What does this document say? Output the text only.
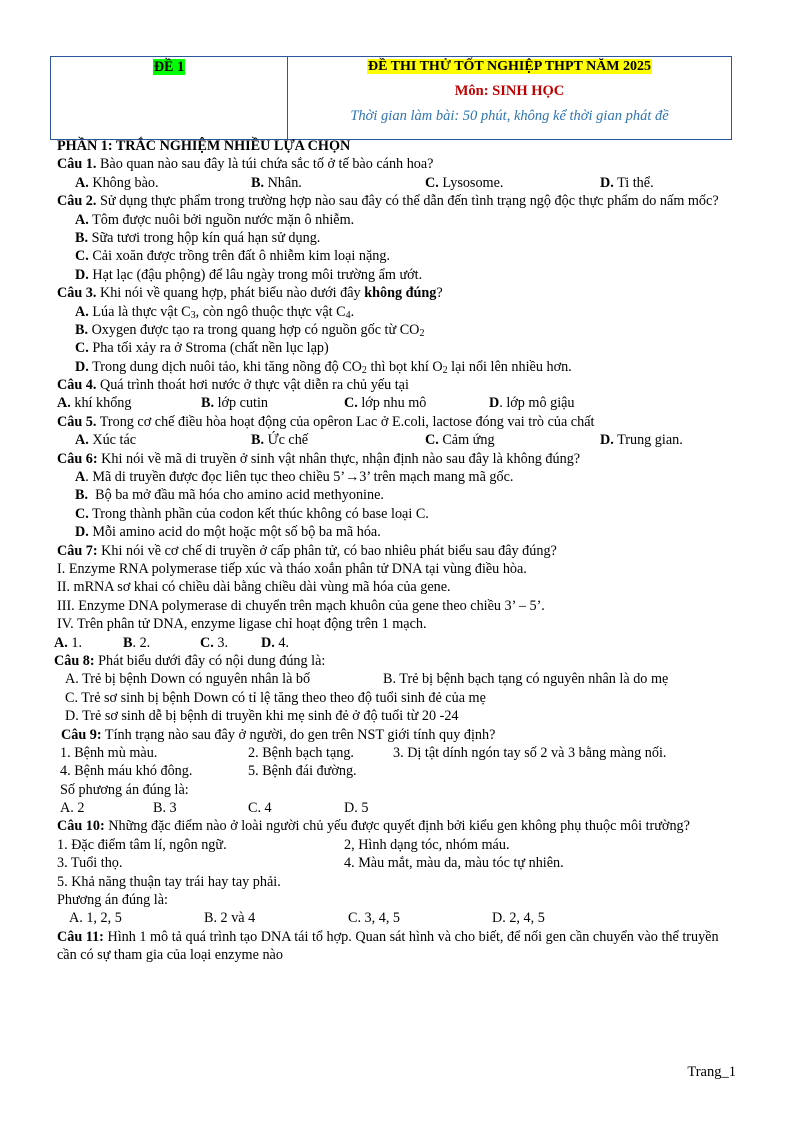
ĐỀ 1	ĐỀ THI THỬ TỐT NGHIỆP THPT NĂM 2025
Môn: SINH HỌC
Thời gian làm bài: 50 phút, không kể thời gian phát đề
PHẦN 1: TRẮC NGHIỆM NHIỀU LỰA CHỌN
Câu 1. Bào quan nào sau đây là túi chứa sắc tố ở tế bào cánh hoa?
A. Không bào.	B. Nhân.	C. Lysosome.	D. Ti thể.
Câu 2. Sử dụng thực phẩm trong trường hợp nào sau đây có thể dẫn đến tình trạng ngộ độc thực phẩm do nấm mốc?
A. Tôm được nuôi bởi nguồn nước mặn ô nhiễm.
B. Sữa tươi trong hộp kín quá hạn sử dụng.
C. Cải xoăn được trồng trên đất ô nhiễm kim loại nặng.
D. Hạt lạc (đậu phộng) để lâu ngày trong môi trường ẩm ướt.
Câu 3. Khi nói về quang hợp, phát biểu nào dưới đây không đúng?
A. Lúa là thực vật $C_3$, còn ngô thuộc thực vật $C_4$.
B. Oxygen được tạo ra trong quang hợp có nguồn gốc từ $CO_2$
C. Pha tối xảy ra ở Stroma (chất nền lục lạp)
D. Trong dung dịch nuôi tảo, khi tăng nồng độ $CO_2$ thì bọt khí $O_2$ lại nổi lên nhiều hơn.
Câu 4. Quá trình thoát hơi nước ở thực vật diễn ra chủ yếu tại
A. khí khổng	B. lớp cutin	C. lớp nhu mô	D. lớp mô giậu
Câu 5. Trong cơ chế điều hòa hoạt động của opêron Lac ở E.coli, lactose đóng vai trò của chất
A. Xúc tác	B. Ức chế	C. Cảm ứng	D. Trung gian.
Câu 6: Khi nói về mã di truyền ở sinh vật nhân thực, nhận định nào sau đây là không đúng?
A. Mã di truyền được đọc liên tục theo chiều 5’→3’ trên mạch mang mã gốc.
B.  Bộ ba mở đầu mã hóa cho amino acid methyonine.
C. Trong thành phần của codon kết thúc không có base loại C.
D. Mỗi amino acid do một hoặc một số bộ ba mã hóa.
Câu 7: Khi nói về cơ chế di truyền ở cấp phân tử, có bao nhiêu phát biểu sau đây đúng?
I. Enzyme RNA polymerase tiếp xúc và tháo xoắn phân tử DNA tại vùng điều hòa.
II. mRNA sơ khai có chiều dài bằng chiều dài vùng mã hóa của gene.
III. Enzyme DNA polymerase di chuyển trên mạch khuôn của gene theo chiều 3’ – 5’.
IV. Trên phân tử DNA, enzyme ligase chỉ hoạt động trên 1 mạch.
A. 1.	B. 2.	C. 3. D. 4.
Câu 8: Phát biểu dưới đây có nội dung đúng là:
A. Trẻ bị bệnh Down có nguyên nhân là bố	B. Trẻ bị bệnh bạch tạng có nguyên nhân là do mẹ
C. Trẻ sơ sinh bị bệnh Down có tỉ lệ tăng theo theo độ tuổi sinh đẻ của mẹ
D. Trẻ sơ sinh dễ bị bệnh di truyền khi mẹ sinh đẻ ở độ tuổi từ 20 -24
Câu 9: Tính trạng nào sau đây ở người, do gen trên NST giới tính quy định?
1. Bệnh mù màu.	2. Bệnh bạch tạng.	3. Dị tật dính ngón tay số 2 và 3 bằng màng nối.
4. Bệnh máu khó đông.	5. Bệnh đái đường.
Số phương án đúng là:
A. 2	B. 3	C. 4	D. 5
Câu 10: Những đặc điểm nào ở loài người chủ yếu được quyết định bởi kiểu gen không phụ thuộc môi trường?
1. Đặc điểm tâm lí, ngôn ngữ.	2, Hình dạng tóc, nhóm máu.
3. Tuổi thọ.	4. Màu mắt, màu da, màu tóc tự nhiên.
5. Khả năng thuận tay trái hay tay phải.
Phương án đúng là:
A. 1, 2, 5	B. 2 và 4	C. 3, 4, 5	D. 2, 4, 5
Câu 11: Hình 1 mô tả quá trình tạo DNA tái tổ hợp. Quan sát hình và cho biết, để nối gen cần chuyển vào thể truyền cần có sự tham gia của loại enzyme nào
Trang_1
